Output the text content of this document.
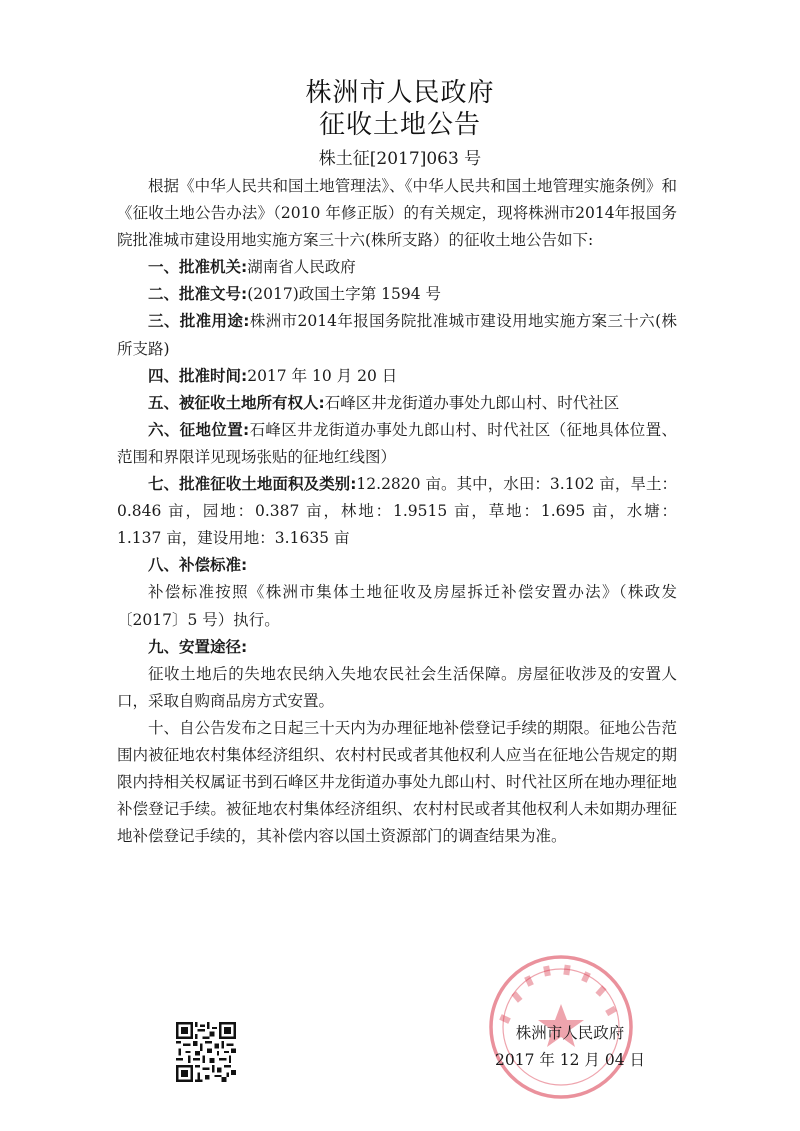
株洲市人民政府
征收土地公告
株土征[2017]063 号

根据《中华人民共和国土地管理法》、《中华人民共和国土地管理实施条例》和《征收土地公告办法》（2010 年修正版）的有关规定，现将株洲市2014年报国务院批准城市建设用地实施方案三十六(株所支路）的征收土地公告如下:

一、批准机关:湖南省人民政府

二、批准文号:(2017)政国土字第 1594 号

三、批准用途:株洲市2014年报国务院批准城市建设用地实施方案三十六(株所支路)

四、批准时间:2017 年 10 月 20 日

五、被征收土地所有权人:石峰区井龙街道办事处九郎山村、时代社区

六、征地位置:石峰区井龙街道办事处九郎山村、时代社区（征地具体位置、范围和界限详见现场张贴的征地红线图）

七、批准征收土地面积及类别:12.2820 亩。其中，水田：3.102 亩，旱土：0.846 亩，园地：0.387 亩，林地：1.9515 亩，草地：1.695 亩，水塘：1.137 亩，建设用地：3.1635 亩

八、补偿标准:

补偿标准按照《株洲市集体土地征收及房屋拆迁补偿安置办法》（株政发〔2017〕5 号）执行。

九、安置途径:

征收土地后的失地农民纳入失地农民社会生活保障。房屋征收涉及的安置人口，采取自购商品房方式安置。

十、自公告发布之日起三十天内为办理征地补偿登记手续的期限。征地公告范围内被征地农村集体经济组织、农村村民或者其他权利人应当在征地公告规定的期限内持相关权属证书到石峰区井龙街道办事处九郎山村、时代社区所在地办理征地补偿登记手续。被征地农村集体经济组织、农村村民或者其他权利人未如期办理征地补偿登记手续的，其补偿内容以国土资源部门的调查结果为准。

株洲市人民政府
2017 年 12 月 04 日
